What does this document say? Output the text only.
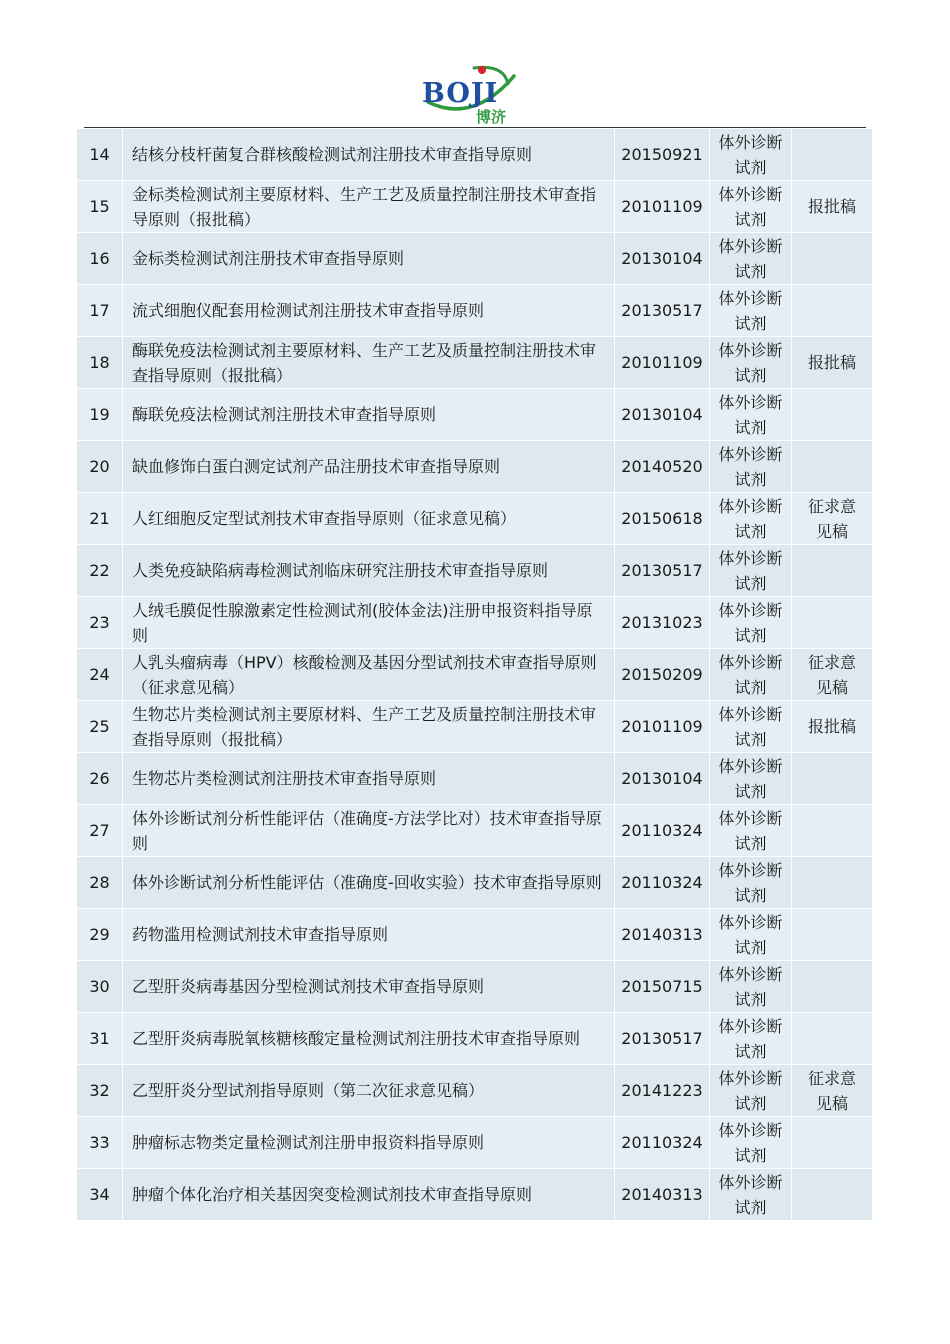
BOJI
博济
14	结核分枝杆菌复合群核酸检测试剂注册技术审查指导原则	20150921	体外诊断
试剂	

15	金标类检测试剂主要原材料、生产工艺及质量控制注册技术审查指导原则（报批稿）	20101109	体外诊断
试剂	报批稿

16	金标类检测试剂注册技术审查指导原则	20130104	体外诊断
试剂	

17	流式细胞仪配套用检测试剂注册技术审查指导原则	20130517	体外诊断
试剂	

18	酶联免疫法检测试剂主要原材料、生产工艺及质量控制注册技术审查指导原则（报批稿）	20101109	体外诊断
试剂	报批稿

19	酶联免疫法检测试剂注册技术审查指导原则	20130104	体外诊断
试剂	

20	缺血修饰白蛋白测定试剂产品注册技术审查指导原则	20140520	体外诊断
试剂	

21	人红细胞反定型试剂技术审查指导原则（征求意见稿）	20150618	体外诊断
试剂	征求意
见稿

22	人类免疫缺陷病毒检测试剂临床研究注册技术审查指导原则	20130517	体外诊断
试剂	

23	人绒毛膜促性腺激素定性检测试剂(胶体金法)注册申报资料指导原则	20131023	体外诊断
试剂	

24	人乳头瘤病毒（HPV）核酸检测及基因分型试剂技术审查指导原则（征求意见稿）	20150209	体外诊断
试剂	征求意
见稿

25	生物芯片类检测试剂主要原材料、生产工艺及质量控制注册技术审查指导原则（报批稿）	20101109	体外诊断
试剂	报批稿

26	生物芯片类检测试剂注册技术审查指导原则	20130104	体外诊断
试剂	

27	体外诊断试剂分析性能评估（准确度-方法学比对）技术审查指导原则	20110324	体外诊断
试剂	

28	体外诊断试剂分析性能评估（准确度-回收实验）技术审查指导原则	20110324	体外诊断
试剂	

29	药物滥用检测试剂技术审查指导原则	20140313	体外诊断
试剂	

30	乙型肝炎病毒基因分型检测试剂技术审查指导原则	20150715	体外诊断
试剂	

31	乙型肝炎病毒脱氧核糖核酸定量检测试剂注册技术审查指导原则	20130517	体外诊断
试剂	

32	乙型肝炎分型试剂指导原则（第二次征求意见稿）	20141223	体外诊断
试剂	征求意
见稿

33	肿瘤标志物类定量检测试剂注册申报资料指导原则	20110324	体外诊断
试剂	

34	肿瘤个体化治疗相关基因突变检测试剂技术审查指导原则	20140313	体外诊断
试剂	
